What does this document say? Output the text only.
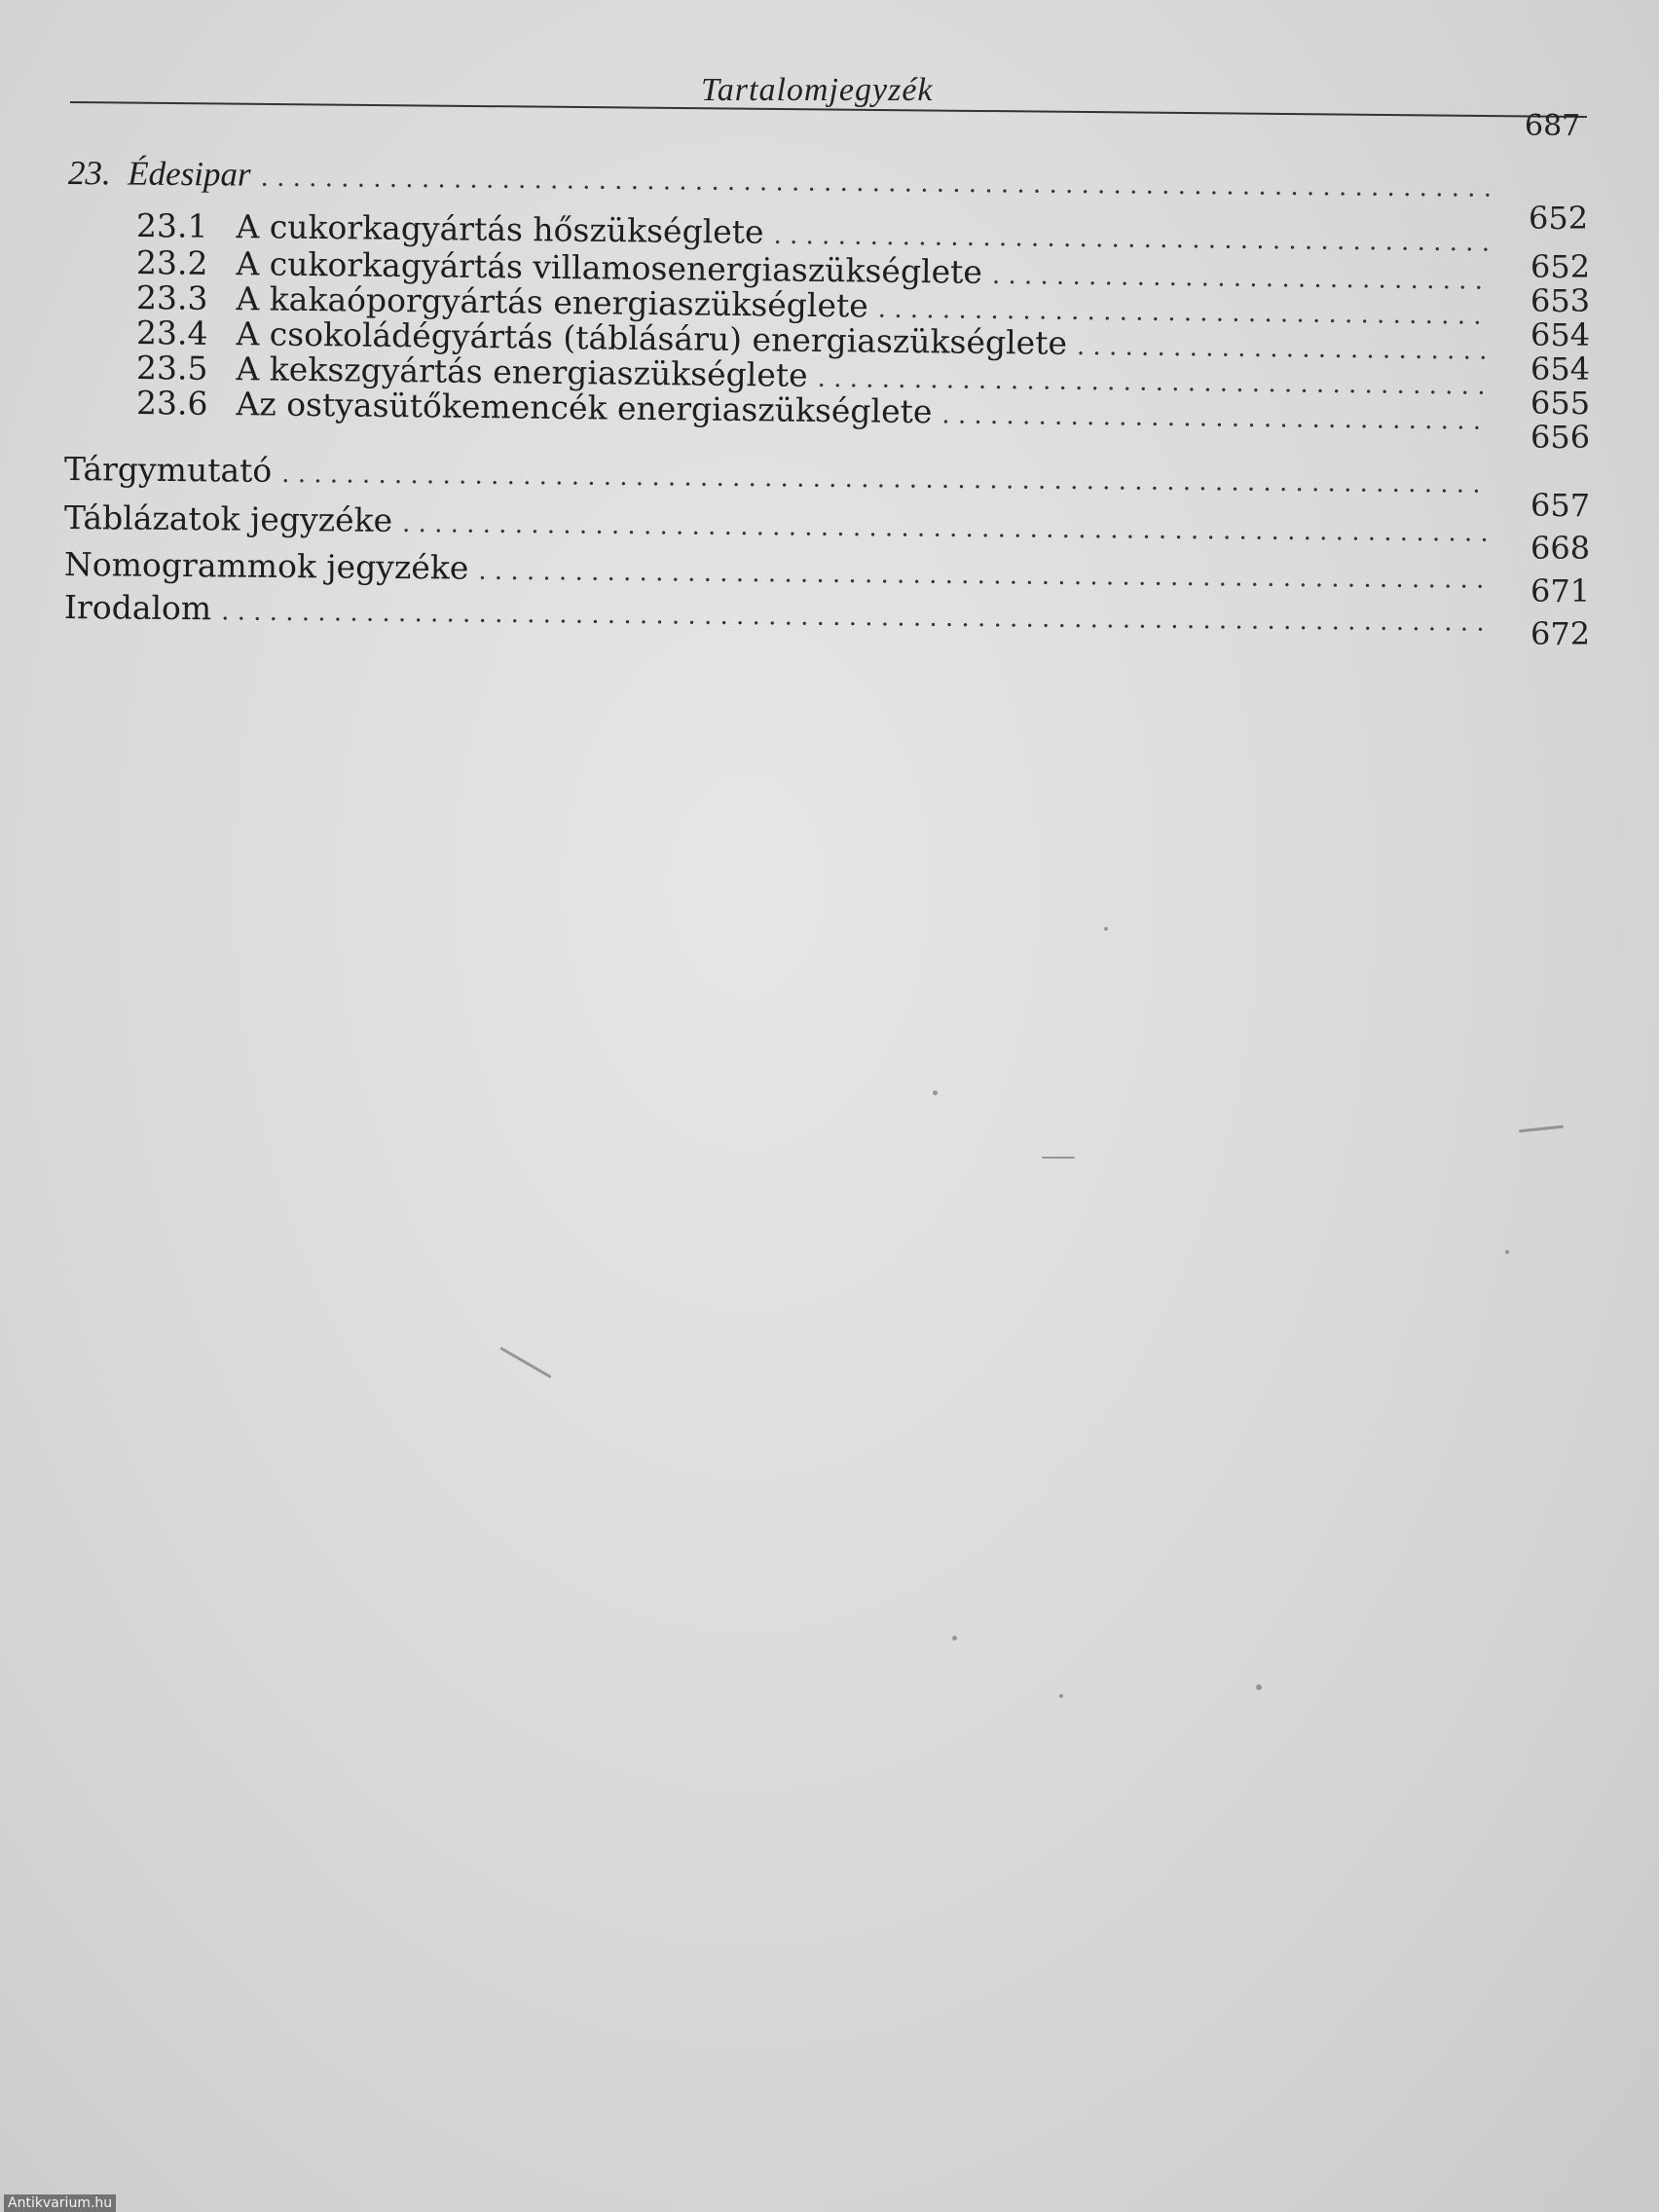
Tartalomjegyzék
687
23. Édesipar
. . .
652
23.1 A cukorkagyártás hőszükséglete
. . .
652
23.2 A cukorkagyártás villamosenergiaszükséglete
. . .
653
23.3 A kakaóporgyártás energiaszükséglete
. . .
654
23.4 A csokoládégyártás (táblásáru) energiaszükséglete
. . .
654
23.5 A kekszgyártás energiaszükséglete
. . .
655
23.6 Az ostyasütőkemencék energiaszükséglete
. . .
656
Tárgymutató
. . .
657
Táblázatok jegyzéke
. . .
668
Nomogrammok jegyzéke
. . .
671
Irodalom
. . .
672
Antikvarium.hu
